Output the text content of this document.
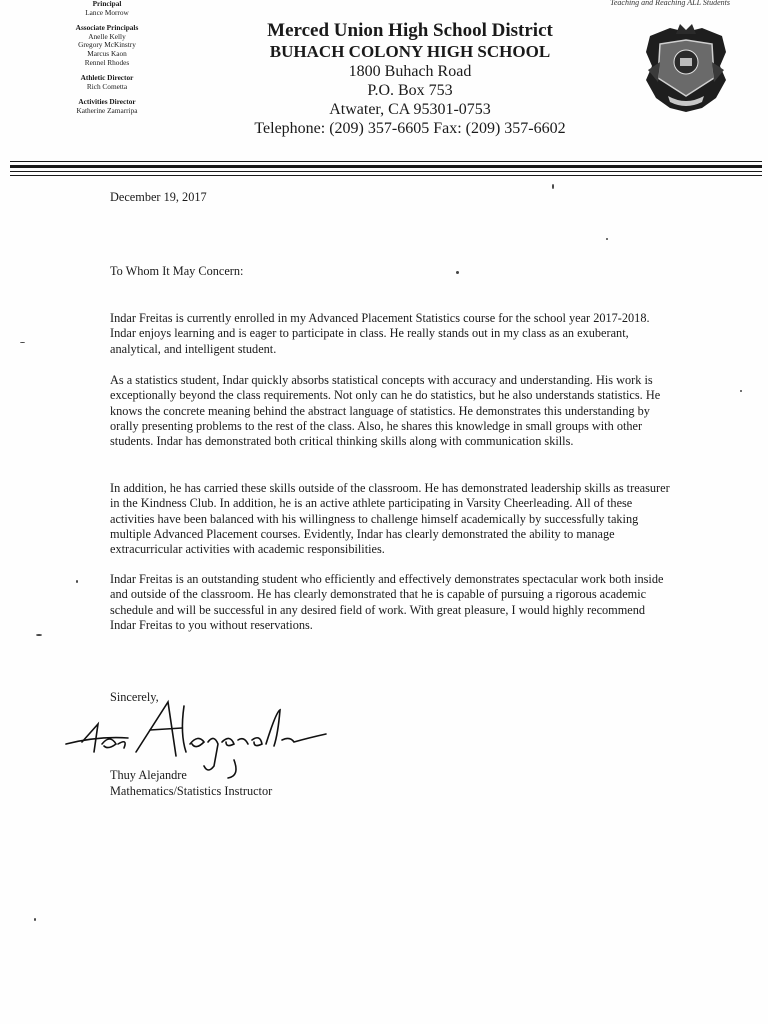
Principal
Lance Morrow
Associate Principals
Anelle Kelly
Gregory McKinstry
Marcus Kaon
Rennel Rhodes
Athletic Director
Rich Cometta
Activities Director
Katherine Zamarripa
Teaching and Reaching ALL Students
Merced Union High School District
BUHACH COLONY HIGH SCHOOL
1800 Buhach Road
P.O. Box 753
Atwater, CA 95301-0753
Telephone: (209) 357-6605 Fax: (209) 357-6602
December 19, 2017
To Whom It May Concern:

Indar Freitas is currently enrolled in my Advanced Placement Statistics course for the school year 2017-2018. Indar enjoys learning and is eager to participate in class. He really stands out in my class as an exuberant, analytical, and intelligent student.

As a statistics student, Indar quickly absorbs statistical concepts with accuracy and understanding. His work is exceptionally beyond the class requirements. Not only can he do statistics, but he also understands statistics. He knows the concrete meaning behind the abstract language of statistics. He demonstrates this understanding by orally presenting problems to the rest of the class. Also, he shares this knowledge in small groups with other students. Indar has demonstrated both critical thinking skills along with communication skills.

In addition, he has carried these skills outside of the classroom. He has demonstrated leadership skills as treasurer in the Kindness Club. In addition, he is an active athlete participating in Varsity Cheerleading. All of these activities have been balanced with his willingness to challenge himself academically by successfully taking multiple Advanced Placement courses. Evidently, Indar has clearly demonstrated the ability to manage extracurricular activities with academic responsibilities.

Indar Freitas is an outstanding student who efficiently and effectively demonstrates spectacular work both inside and outside of the classroom. He has clearly demonstrated that he is capable of pursuing a rigorous academic schedule and will be successful in any desired field of work. With great pleasure, I would highly recommend Indar Freitas to you without reservations.

Sincerely,
Thuy Alejandre
Mathematics/Statistics Instructor
